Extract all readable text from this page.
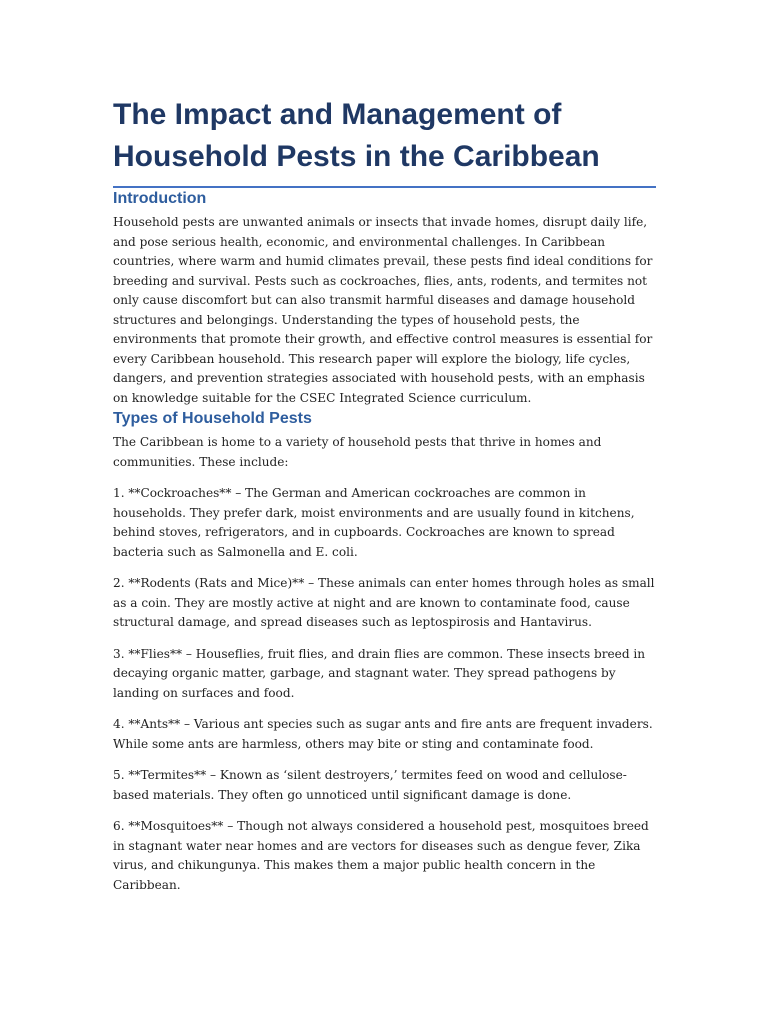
The Impact and Management of Household Pests in the Caribbean
Introduction

Household pests are unwanted animals or insects that invade homes, disrupt daily life, and pose serious health, economic, and environmental challenges. In Caribbean countries, where warm and humid climates prevail, these pests find ideal conditions for breeding and survival. Pests such as cockroaches, flies, ants, rodents, and termites not only cause discomfort but can also transmit harmful diseases and damage household structures and belongings. Understanding the types of household pests, the environments that promote their growth, and effective control measures is essential for every Caribbean household. This research paper will explore the biology, life cycles, dangers, and prevention strategies associated with household pests, with an emphasis on knowledge suitable for the CSEC Integrated Science curriculum.

Types of Household Pests

The Caribbean is home to a variety of household pests that thrive in homes and communities. These include:

1. **Cockroaches** – The German and American cockroaches are common in households. They prefer dark, moist environments and are usually found in kitchens, behind stoves, refrigerators, and in cupboards. Cockroaches are known to spread bacteria such as Salmonella and E. coli.

2. **Rodents (Rats and Mice)** – These animals can enter homes through holes as small as a coin. They are mostly active at night and are known to contaminate food, cause structural damage, and spread diseases such as leptospirosis and Hantavirus.

3. **Flies** – Houseflies, fruit flies, and drain flies are common. These insects breed in decaying organic matter, garbage, and stagnant water. They spread pathogens by landing on surfaces and food.

4. **Ants** – Various ant species such as sugar ants and fire ants are frequent invaders. While some ants are harmless, others may bite or sting and contaminate food.

5. **Termites** – Known as ‘silent destroyers,’ termites feed on wood and cellulose-based materials. They often go unnoticed until significant damage is done.

6. **Mosquitoes** – Though not always considered a household pest, mosquitoes breed in stagnant water near homes and are vectors for diseases such as dengue fever, Zika virus, and chikungunya. This makes them a major public health concern in the Caribbean.
